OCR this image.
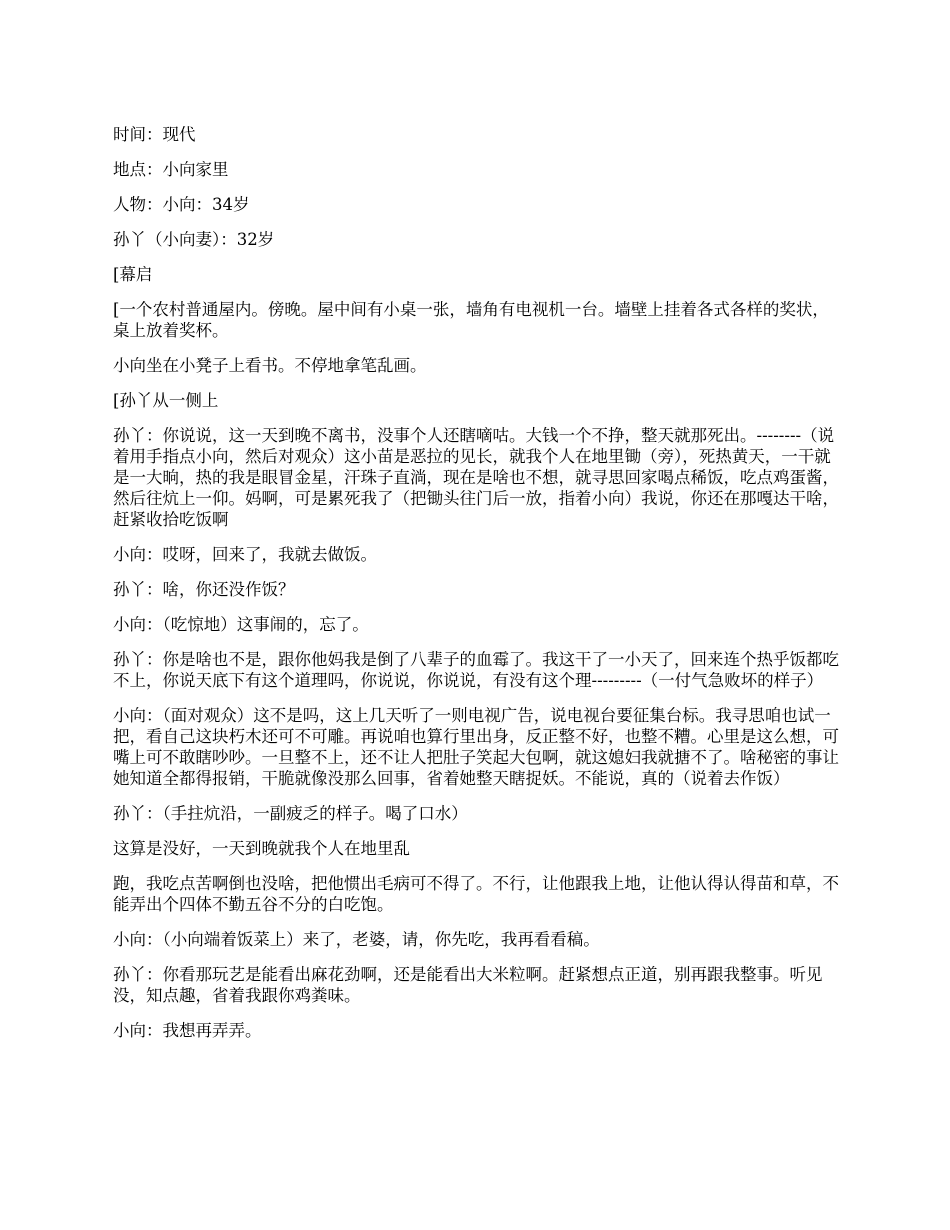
时间：现代

地点：小向家里

人物：小向：34岁

孙丫（小向妻）：32岁

[幕启

[一个农村普通屋内。傍晚。屋中间有小桌一张，墙角有电视机一台。墙壁上挂着各式各样的奖状，桌上放着奖杯。

小向坐在小凳子上看书。不停地拿笔乱画。

[孙丫从一侧上

孙丫：你说说，这一天到晚不离书，没事个人还瞎嘀咕。大钱一个不挣，整天就那死出。--------（说着用手指点小向，然后对观众）这小苗是恶拉的见长，就我个人在地里锄（旁），死热黄天，一干就是一大晌，热的我是眼冒金星，汗珠子直淌，现在是啥也不想，就寻思回家喝点稀饭，吃点鸡蛋酱，然后往炕上一仰。妈啊，可是累死我了（把锄头往门后一放，指着小向）我说，你还在那嘎达干啥，赶紧收拾吃饭啊

小向：哎呀，回来了，我就去做饭。

孙丫：啥，你还没作饭？

小向：（吃惊地）这事闹的，忘了。

孙丫：你是啥也不是，跟你他妈我是倒了八辈子的血霉了。我这干了一小天了，回来连个热乎饭都吃不上，你说天底下有这个道理吗，你说说，你说说，有没有这个理---------（一付气急败坏的样子）

小向：（面对观众）这不是吗，这上几天听了一则电视广告，说电视台要征集台标。我寻思咱也试一把，看自己这块朽木还可不可雕。再说咱也算行里出身，反正整不好，也整不糟。心里是这么想，可嘴上可不敢瞎吵吵。一旦整不上，还不让人把肚子笑起大包啊，就这媳妇我就搪不了。啥秘密的事让她知道全都得报销，干脆就像没那么回事，省着她整天瞎捉妖。不能说，真的（说着去作饭）

孙丫：（手拄炕沿，一副疲乏的样子。喝了口水）

这算是没好，一天到晚就我个人在地里乱

跑，我吃点苦啊倒也没啥，把他惯出毛病可不得了。不行，让他跟我上地，让他认得认得苗和草，不能弄出个四体不勤五谷不分的白吃饱。

小向：（小向端着饭菜上）来了，老婆，请，你先吃，我再看看稿。

孙丫：你看那玩艺是能看出麻花劲啊，还是能看出大米粒啊。赶紧想点正道，别再跟我整事。听见没，知点趣，省着我跟你鸡粪味。

小向：我想再弄弄。
